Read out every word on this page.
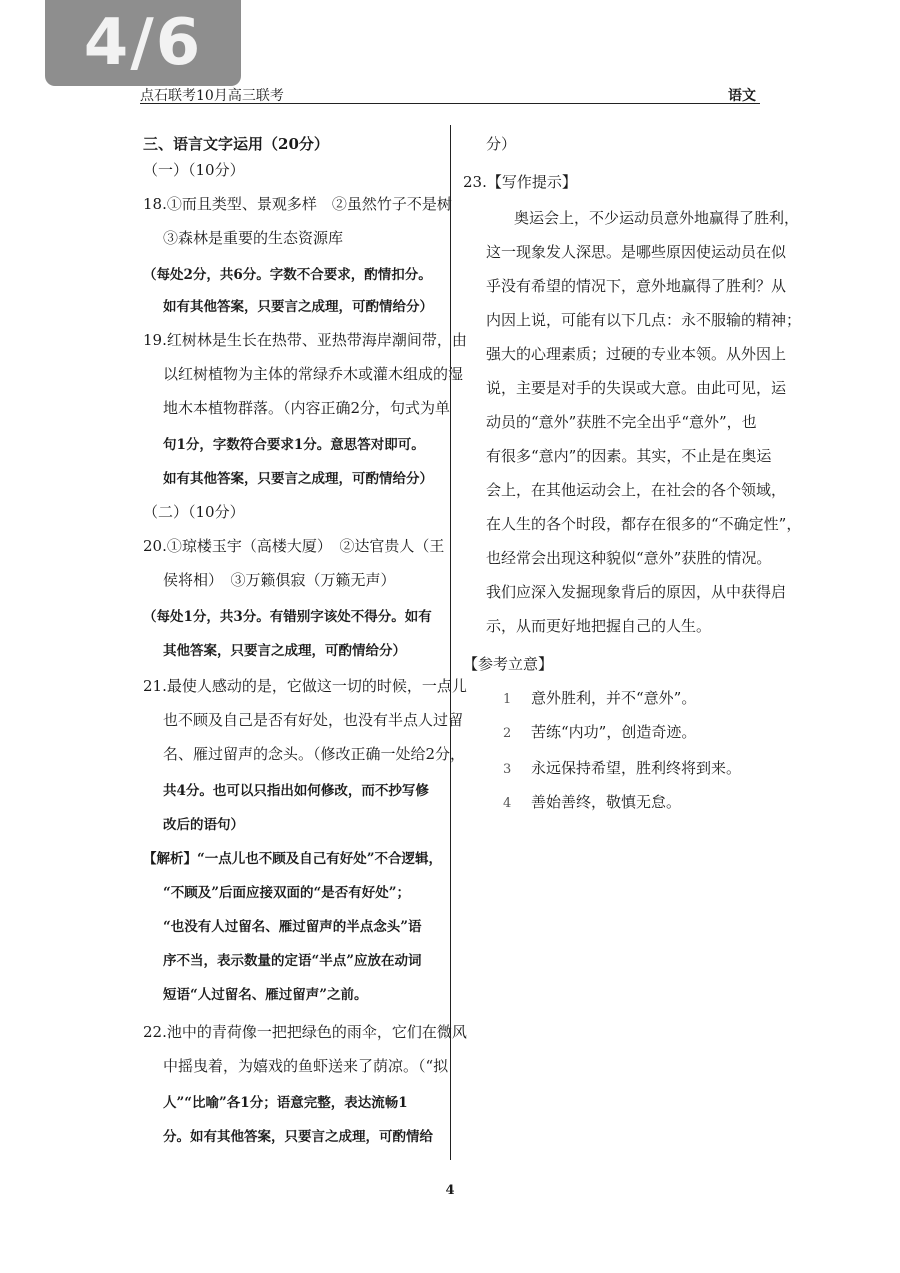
4/6
点石联考10月高三联考	语文
三、语言文字运用（20分）
（一）（10分）
18.①而且类型、景观多样　②虽然竹子不是树
③森林是重要的生态资源库
（每处2分，共6分。字数不合要求，酌情扣分。
如有其他答案，只要言之成理，可酌情给分）
19.红树林是生长在热带、亚热带海岸潮间带，由
以红树植物为主体的常绿乔木或灌木组成的湿
地木本植物群落。（内容正确2分，句式为单
句1分，字数符合要求1分。意思答对即可。
如有其他答案，只要言之成理，可酌情给分）
（二）（10分）
20.①琼楼玉宇（高楼大厦）　②达官贵人（王
侯将相）　③万籁俱寂（万籁无声）
（每处1分，共3分。有错别字该处不得分。如有
其他答案，只要言之成理，可酌情给分）
21.最使人感动的是，它做这一切的时候，一点儿
也不顾及自己是否有好处，也没有半点人过留
名、雁过留声的念头。（修改正确一处给2分，
共4分。也可以只指出如何修改，而不抄写修
改后的语句）
【解析】“一点儿也不顾及自己有好处”不合逻辑，
“不顾及”后面应接双面的“是否有好处”；
“也没有人过留名、雁过留声的半点念头”语
序不当，表示数量的定语“半点”应放在动词
短语“人过留名、雁过留声”之前。
22.池中的青荷像一把把绿色的雨伞，它们在微风
中摇曳着，为嬉戏的鱼虾送来了荫凉。（“拟
人”“比喻”各1分；语意完整，表达流畅1
分。如有其他答案，只要言之成理，可酌情给
分）
23.【写作提示】
奥运会上，不少运动员意外地赢得了胜利，
这一现象发人深思。是哪些原因使运动员在似
乎没有希望的情况下，意外地赢得了胜利？从
内因上说，可能有以下几点：永不服输的精神；
强大的心理素质；过硬的专业本领。从外因上
说，主要是对手的失误或大意。由此可见，运
动员的“意外”获胜不完全出乎“意外”，也
有很多“意内”的因素。其实，不止是在奥运
会上，在其他运动会上，在社会的各个领域，
在人生的各个时段，都存在很多的“不确定性”，
也经常会出现这种貌似“意外”获胜的情况。
我们应深入发掘现象背后的原因，从中获得启
示，从而更好地把握自己的人生。
【参考立意】
1 意外胜利，并不“意外”。
2 苦练“内功”，创造奇迹。
3 永远保持希望，胜利终将到来。
4 善始善终，敬慎无怠。
4
